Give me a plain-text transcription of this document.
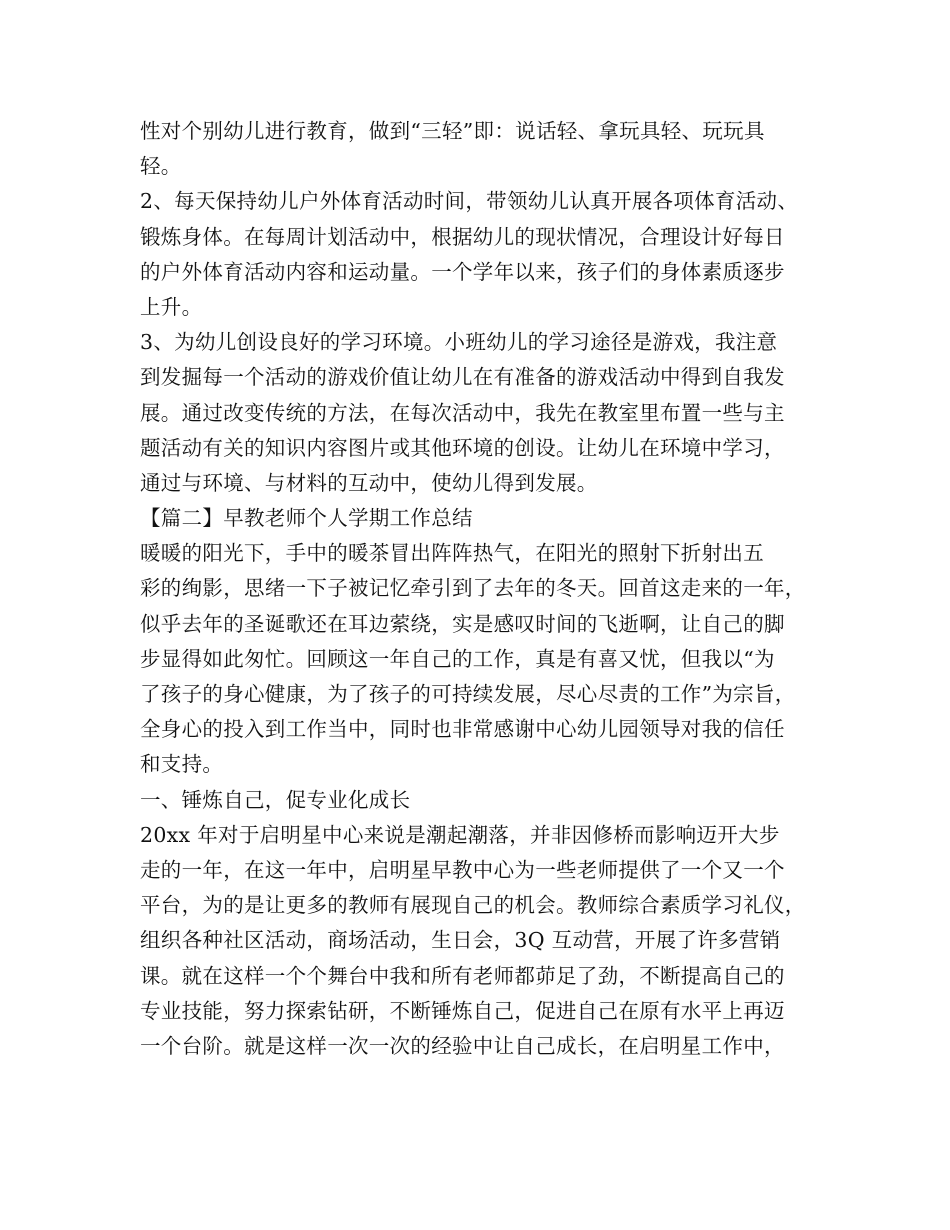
性对个别幼儿进行教育，做到“三轻”即：说话轻、拿玩具轻、玩玩具
轻。
2、每天保持幼儿户外体育活动时间，带领幼儿认真开展各项体育活动、
锻炼身体。在每周计划活动中，根据幼儿的现状情况，合理设计好每日
的户外体育活动内容和运动量。一个学年以来，孩子们的身体素质逐步
上升。
3、为幼儿创设良好的学习环境。小班幼儿的学习途径是游戏，我注意
到发掘每一个活动的游戏价值让幼儿在有准备的游戏活动中得到自我发
展。通过改变传统的方法，在每次活动中，我先在教室里布置一些与主
题活动有关的知识内容图片或其他环境的创设。让幼儿在环境中学习，
通过与环境、与材料的互动中，使幼儿得到发展。
【篇二】早教老师个人学期工作总结
暖暖的阳光下，手中的暖茶冒出阵阵热气，在阳光的照射下折射出五
彩的绚影，思绪一下子被记忆牵引到了去年的冬天。回首这走来的一年，
似乎去年的圣诞歌还在耳边萦绕，实是感叹时间的飞逝啊，让自己的脚
步显得如此匆忙。回顾这一年自己的工作，真是有喜又忧，但我以“为
了孩子的身心健康，为了孩子的可持续发展，尽心尽责的工作”为宗旨，
全身心的投入到工作当中，同时也非常感谢中心幼儿园领导对我的信任
和支持。
一、锤炼自己，促专业化成长
20xx 年对于启明星中心来说是潮起潮落，并非因修桥而影响迈开大步
走的一年，在这一年中，启明星早教中心为一些老师提供了一个又一个
平台，为的是让更多的教师有展现自己的机会。教师综合素质学习礼仪，
组织各种社区活动，商场活动，生日会，3Q 互动营，开展了许多营销
课。就在这样一个个舞台中我和所有老师都茆足了劲，不断提高自己的
专业技能，努力探索钻研，不断锤炼自己，促进自己在原有水平上再迈
一个台阶。就是这样一次一次的经验中让自己成长，在启明星工作中，
